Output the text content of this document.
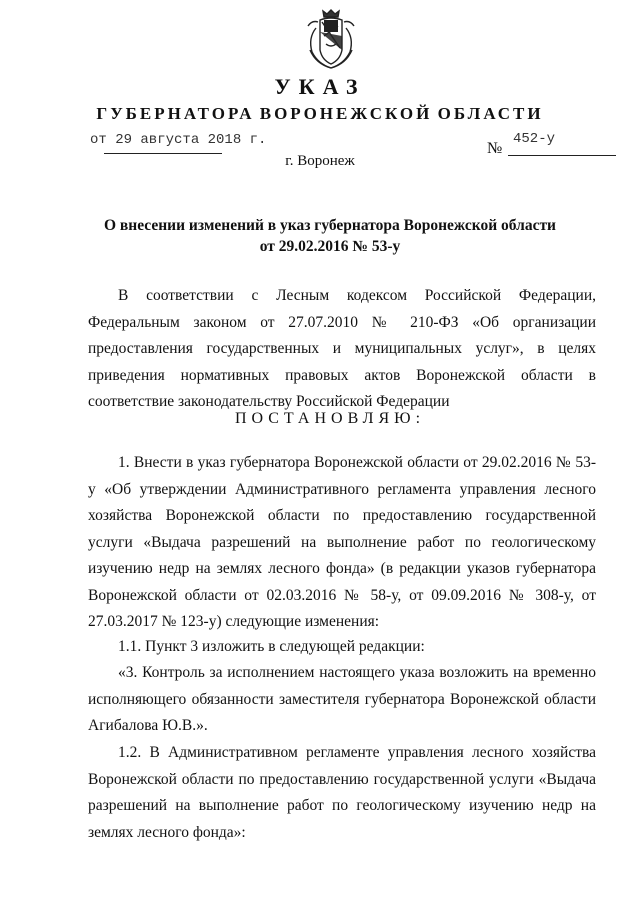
УКАЗ
ГУБЕРНАТОРА ВОРОНЕЖСКОЙ ОБЛАСТИ
от 29 августа 2018 г.	№
452-у
г. Воронеж
О внесении изменений в указ губернатора Воронежской области
от 29.02.2016 № 53-у
В соответствии с Лесным кодексом Российской Федерации, Федеральным законом от 27.07.2010 № 210-ФЗ «Об организации предоставления государственных и муниципальных услуг», в целях приведения нормативных правовых актов Воронежской области в соответствие законодательству Российской Федерации
ПОСТАНОВЛЯЮ:
1. Внести в указ губернатора Воронежской области от 29.02.2016 № 53-у «Об утверждении Административного регламента управления лесного хозяйства Воронежской области по предоставлению государственной услуги «Выдача разрешений на выполнение работ по геологическому изучению недр на землях лесного фонда» (в редакции указов губернатора Воронежской области от 02.03.2016 № 58-у, от 09.09.2016 № 308-у, от 27.03.2017 № 123-у) следующие изменения:
1.1. Пункт 3 изложить в следующей редакции:
«3. Контроль за исполнением настоящего указа возложить на временно исполняющего обязанности заместителя губернатора Воронежской области Агибалова Ю.В.».
1.2. В Административном регламенте управления лесного хозяйства Воронежской области по предоставлению государственной услуги «Выдача разрешений на выполнение работ по геологическому изучению недр на землях лесного фонда»:
